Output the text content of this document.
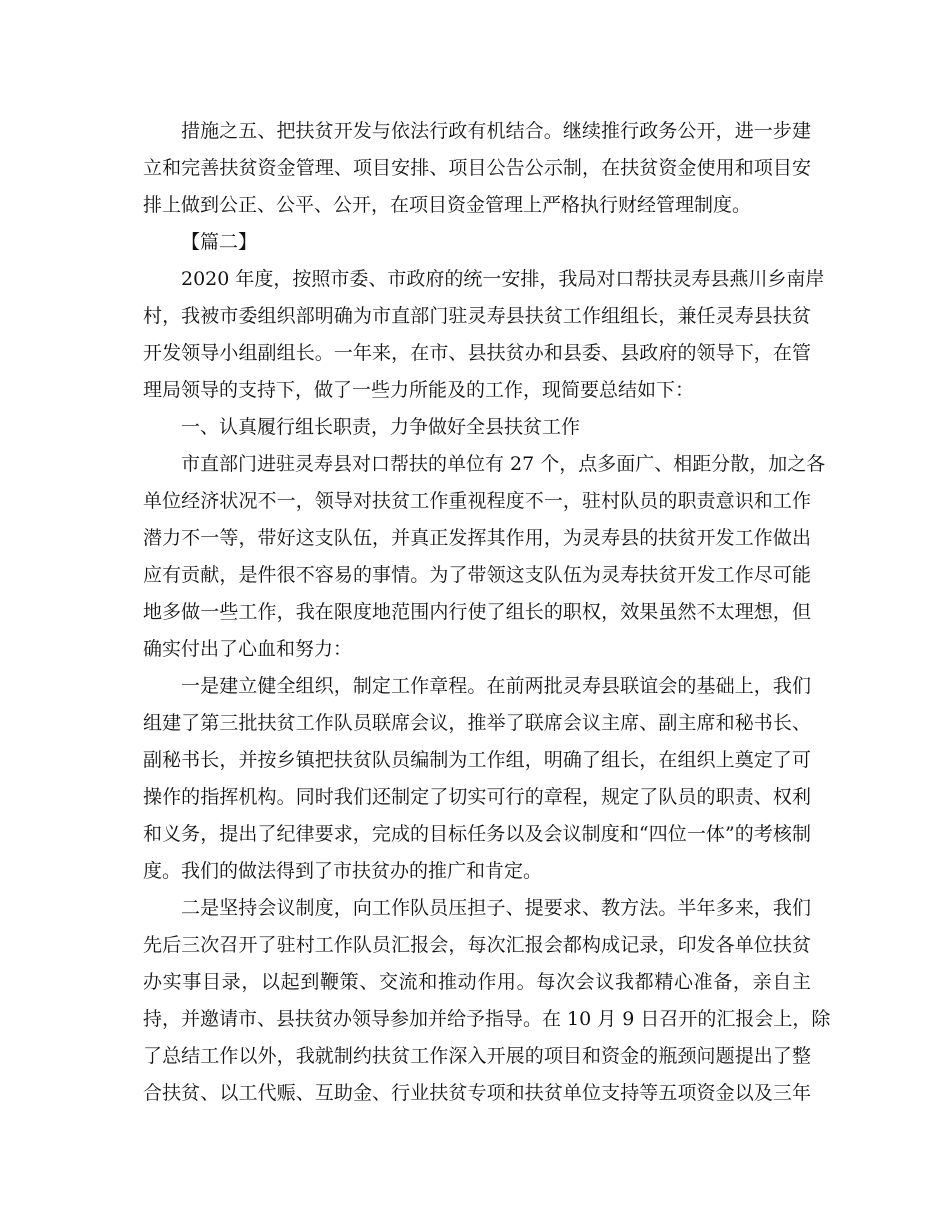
措施之五、把扶贫开发与依法行政有机结合。继续推行政务公开，进一步建
立和完善扶贫资金管理、项目安排、项目公告公示制，在扶贫资金使用和项目安
排上做到公正、公平、公开，在项目资金管理上严格执行财经管理制度。
【篇二】
2020 年度，按照市委、市政府的统一安排，我局对口帮扶灵寿县燕川乡南岸
村，我被市委组织部明确为市直部门驻灵寿县扶贫工作组组长，兼任灵寿县扶贫
开发领导小组副组长。一年来，在市、县扶贫办和县委、县政府的领导下，在管
理局领导的支持下，做了一些力所能及的工作，现简要总结如下：
一、认真履行组长职责，力争做好全县扶贫工作
市直部门进驻灵寿县对口帮扶的单位有 27 个，点多面广、相距分散，加之各
单位经济状况不一，领导对扶贫工作重视程度不一，驻村队员的职责意识和工作
潜力不一等，带好这支队伍，并真正发挥其作用，为灵寿县的扶贫开发工作做出
应有贡献，是件很不容易的事情。为了带领这支队伍为灵寿扶贫开发工作尽可能
地多做一些工作，我在限度地范围内行使了组长的职权，效果虽然不太理想，但
确实付出了心血和努力：
一是建立健全组织，制定工作章程。在前两批灵寿县联谊会的基础上，我们
组建了第三批扶贫工作队员联席会议，推举了联席会议主席、副主席和秘书长、
副秘书长，并按乡镇把扶贫队员编制为工作组，明确了组长，在组织上奠定了可
操作的指挥机构。同时我们还制定了切实可行的章程，规定了队员的职责、权利
和义务，提出了纪律要求，完成的目标任务以及会议制度和“四位一体”的考核制
度。我们的做法得到了市扶贫办的推广和肯定。
二是坚持会议制度，向工作队员压担子、提要求、教方法。半年多来，我们
先后三次召开了驻村工作队员汇报会，每次汇报会都构成记录，印发各单位扶贫
办实事目录，以起到鞭策、交流和推动作用。每次会议我都精心准备，亲自主
持，并邀请市、县扶贫办领导参加并给予指导。在 10 月 9 日召开的汇报会上，除
了总结工作以外，我就制约扶贫工作深入开展的项目和资金的瓶颈问题提出了整
合扶贫、以工代赈、互助金、行业扶贫专项和扶贫单位支持等五项资金以及三年
